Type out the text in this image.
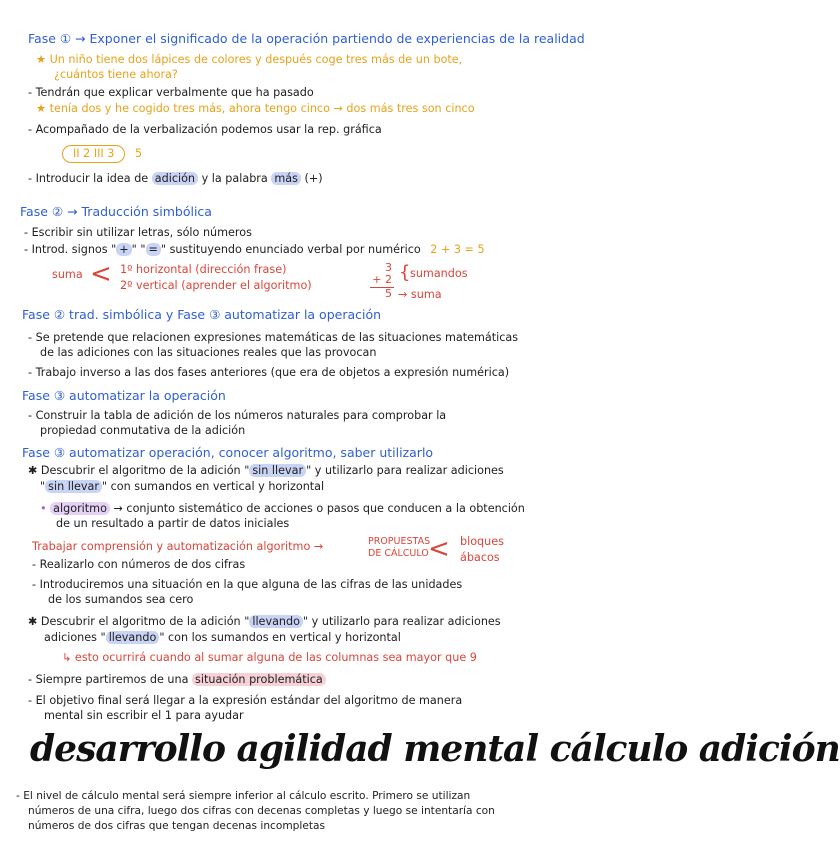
Fase ① → Exponer el significado de la operación partiendo de experiencias de la realidad
★ Un niño tiene dos lápices de colores y después coge tres más de un bote,
¿cuántos tiene ahora?
- Tendrán que explicar verbalmente que ha pasado
★ tenía dos y he cogido tres más, ahora tengo cinco → dos más tres son cinco
- Acompañado de la verbalización podemos usar la rep. gráfica
II 2 III 3 5
- Introducir la idea de adición y la palabra más (+)
Fase ② → Traducción simbólica
- Escribir sin utilizar letras, sólo números
- Introd. signos " + " " = " sustituyendo enunciado verbal por numérico 2 + 3 = 5
suma < 1º horizontal (dirección frase)
2º vertical (aprender el algoritmo)
3
+ 2
5
{ sumandos
→ suma
Fase ② trad. simbólica y Fase ③ automatizar la operación
- Se pretende que relacionen expresiones matemáticas de las situaciones matemáticas
de las adiciones con las situaciones reales que las provocan
- Trabajo inverso a las dos fases anteriores (que era de objetos a expresión numérica)
Fase ③ automatizar la operación
- Construir la tabla de adición de los números naturales para comprobar la
propiedad conmutativa de la adición
Fase ③ automatizar operación, conocer algoritmo, saber utilizarlo
✱ Descubrir el algoritmo de la adición " sin llevar " y utilizarlo para realizar adiciones
" sin llevar " con sumandos en vertical y horizontal
• algoritmo → conjunto sistemático de acciones o pasos que conducen a la obtención
de un resultado a partir de datos iniciales
Trabajar comprensión y automatización algoritmo →	PROPUESTAS
DE CÁLCULO < bloques
ábacos
- Realizarlo con números de dos cifras
- Introduciremos una situación en la que alguna de las cifras de las unidades
de los sumandos sea cero
✱ Descubrir el algoritmo de la adición " llevando " y utilizarlo para realizar adiciones
adiciones " llevando " con los sumandos en vertical y horizontal
↳ esto ocurrirá cuando al sumar alguna de las columnas sea mayor que 9
- Siempre partiremos de una situación problemática
- El objetivo final será llegar a la expresión estándar del algoritmo de manera
mental sin escribir el 1 para ayudar
desarrollo agilidad mental cálculo adición
- El nivel de cálculo mental será siempre inferior al cálculo escrito. Primero se utilizan
números de una cifra, luego dos cifras con decenas completas y luego se intentaría con
números de dos cifras que tengan decenas incompletas
